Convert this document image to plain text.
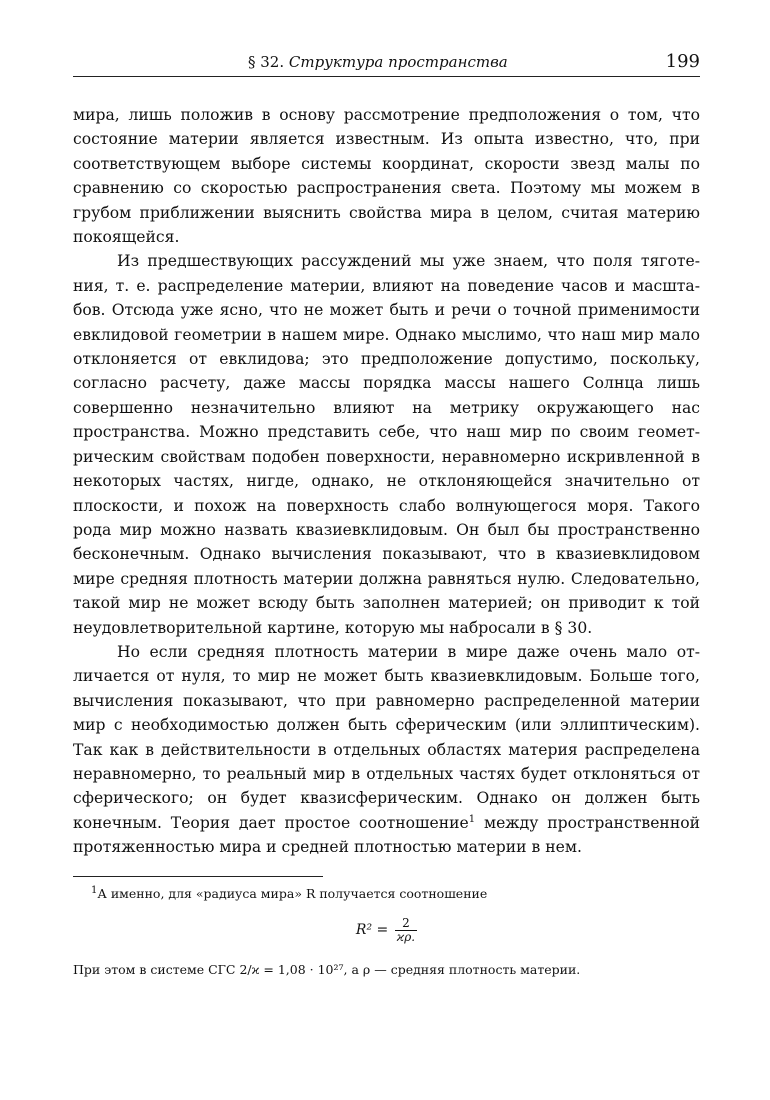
§ 32. Структура пространства	199

мира, лишь положив в основу рассмотрение предположения о том, что состояние материи является известным. Из опыта известно, что, при соответствующем выборе системы координат, скорости звезд малы по сравнению со скоростью распространения света. Поэтому мы можем в грубом приближении выяснить свойства мира в целом, считая материю покоящейся.

Из предшествующих рассуждений мы уже знаем, что поля тяготения, т. е. распределение материи, влияют на поведение часов и масштабов. Отсюда уже ясно, что не может быть и речи о точной применимости евклидовой геометрии в нашем мире. Однако мыслимо, что наш мир мало отклоняется от евклидова; это предположение допустимо, поскольку, согласно расчету, даже массы порядка массы нашего Солнца лишь совершенно незначительно влияют на метрику окружающего нас пространства. Можно представить себе, что наш мир по своим геометрическим свойствам подобен поверхности, неравномерно искривленной в некоторых частях, нигде, однако, не отклоняющейся значительно от плоскости, и похож на поверхность слабо волнующегося моря. Такого рода мир можно назвать квазиевклидовым. Он был бы пространственно бесконечным. Однако вычисления показывают, что в квазиевклидовом мире средняя плотность материи должна равняться нулю. Следовательно, такой мир не может всюду быть заполнен материей; он приводит к той неудовлетворительной картине, которую мы набросали в § 30.

Но если средняя плотность материи в мире даже очень мало отличается от нуля, то мир не может быть квазиевклидовым. Больше того, вычисления показывают, что при равномерно распределенной материи мир с необходимостью должен быть сферическим (или эллиптическим). Так как в действительности в отдельных областях материя распределена неравномерно, то реальный мир в отдельных частях будет отклоняться от сферического; он будет квазисферическим. Однако он должен быть конечным. Теория дает простое соотношение$^1$ между пространственной протяженностью мира и средней плотностью материи в нем.

$^1$А именно, для «радиуса мира» R получается соотношение

$R^2 = \frac{2}{ϰ\rho.}$

При этом в системе СГС 2/ϰ = 1,08 · 10²⁷, а ρ — средняя плотность материи.
